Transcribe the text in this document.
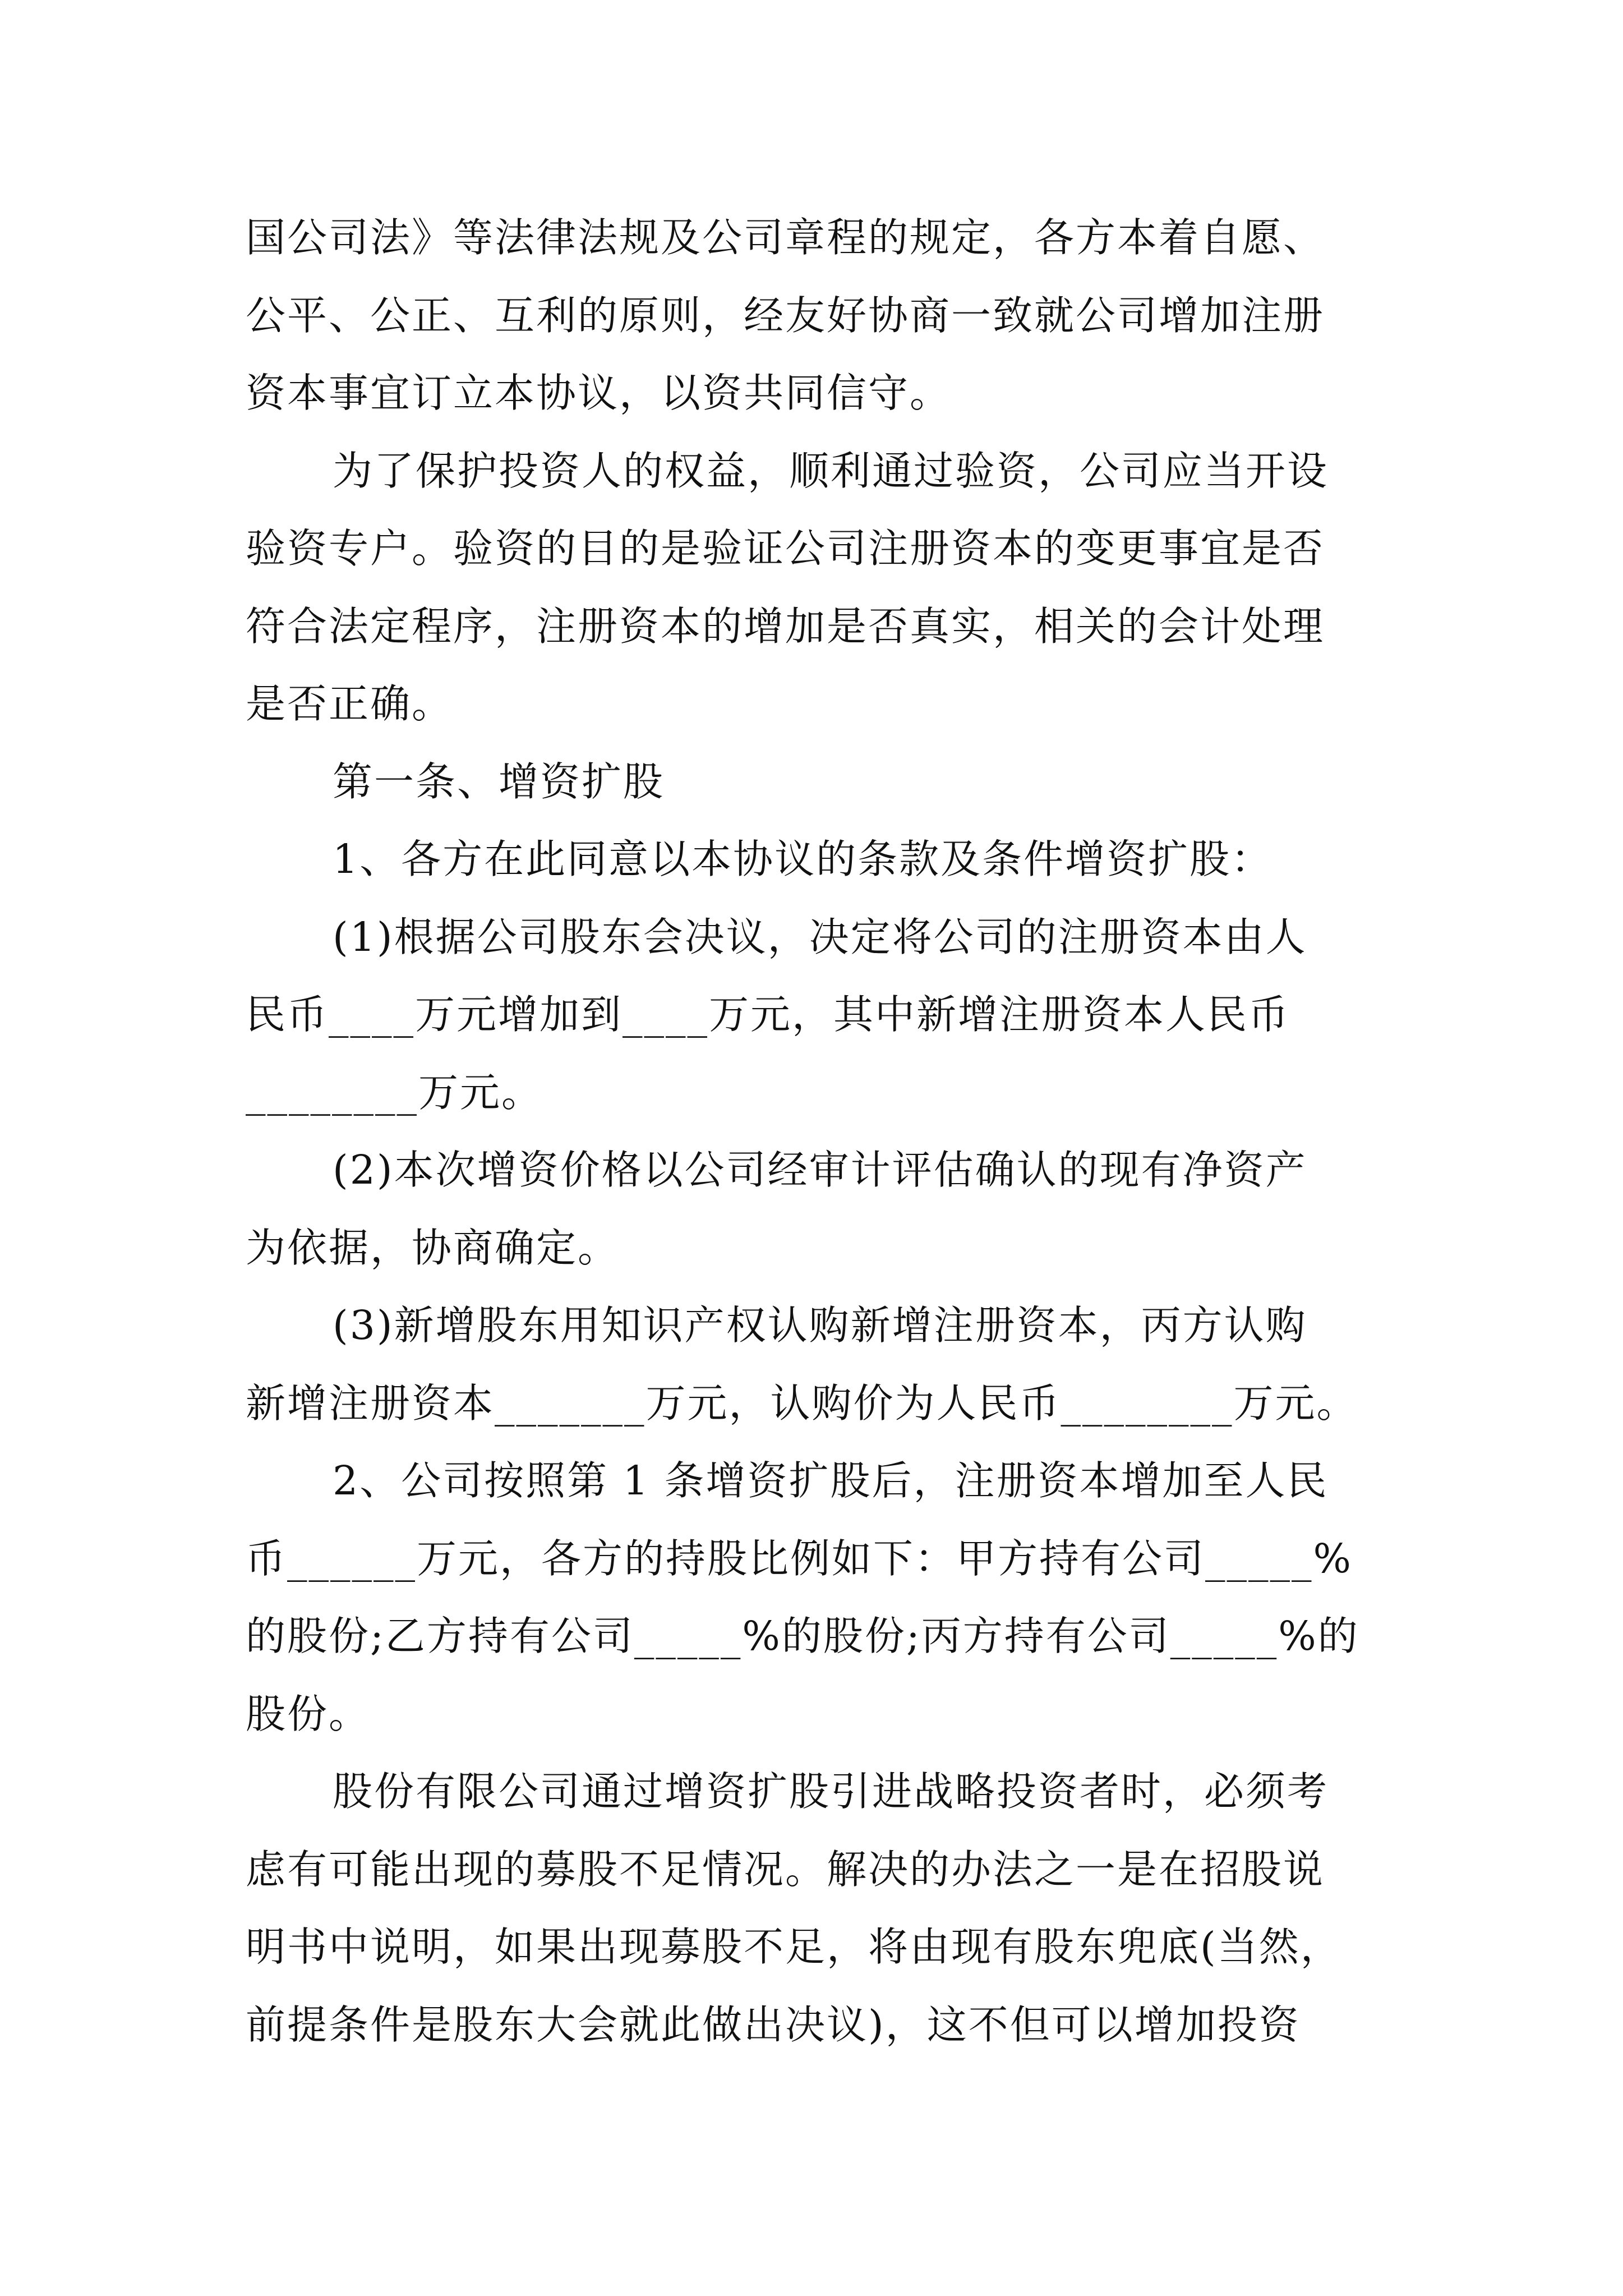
国公司法》等法律法规及公司章程的规定，各方本着自愿、
公平、公正、互利的原则，经友好协商一致就公司增加注册
资本事宜订立本协议，以资共同信守。
为了保护投资人的权益，顺利通过验资，公司应当开设
验资专户。验资的目的是验证公司注册资本的变更事宜是否
符合法定程序，注册资本的增加是否真实，相关的会计处理
是否正确。
第一条、增资扩股
1、各方在此同意以本协议的条款及条件增资扩股：
(1)根据公司股东会决议，决定将公司的注册资本由人
民币____万元增加到____万元，其中新增注册资本人民币
________万元。
(2)本次增资价格以公司经审计评估确认的现有净资产
为依据，协商确定。
(3)新增股东用知识产权认购新增注册资本，丙方认购
新增注册资本_______万元，认购价为人民币________万元。
2、公司按照第 1 条增资扩股后，注册资本增加至人民
币______万元，各方的持股比例如下：甲方持有公司_____%
的股份;乙方持有公司_____%的股份;丙方持有公司_____%的
股份。
股份有限公司通过增资扩股引进战略投资者时，必须考
虑有可能出现的募股不足情况。解决的办法之一是在招股说
明书中说明，如果出现募股不足，将由现有股东兜底(当然，
前提条件是股东大会就此做出决议)，这不但可以增加投资
